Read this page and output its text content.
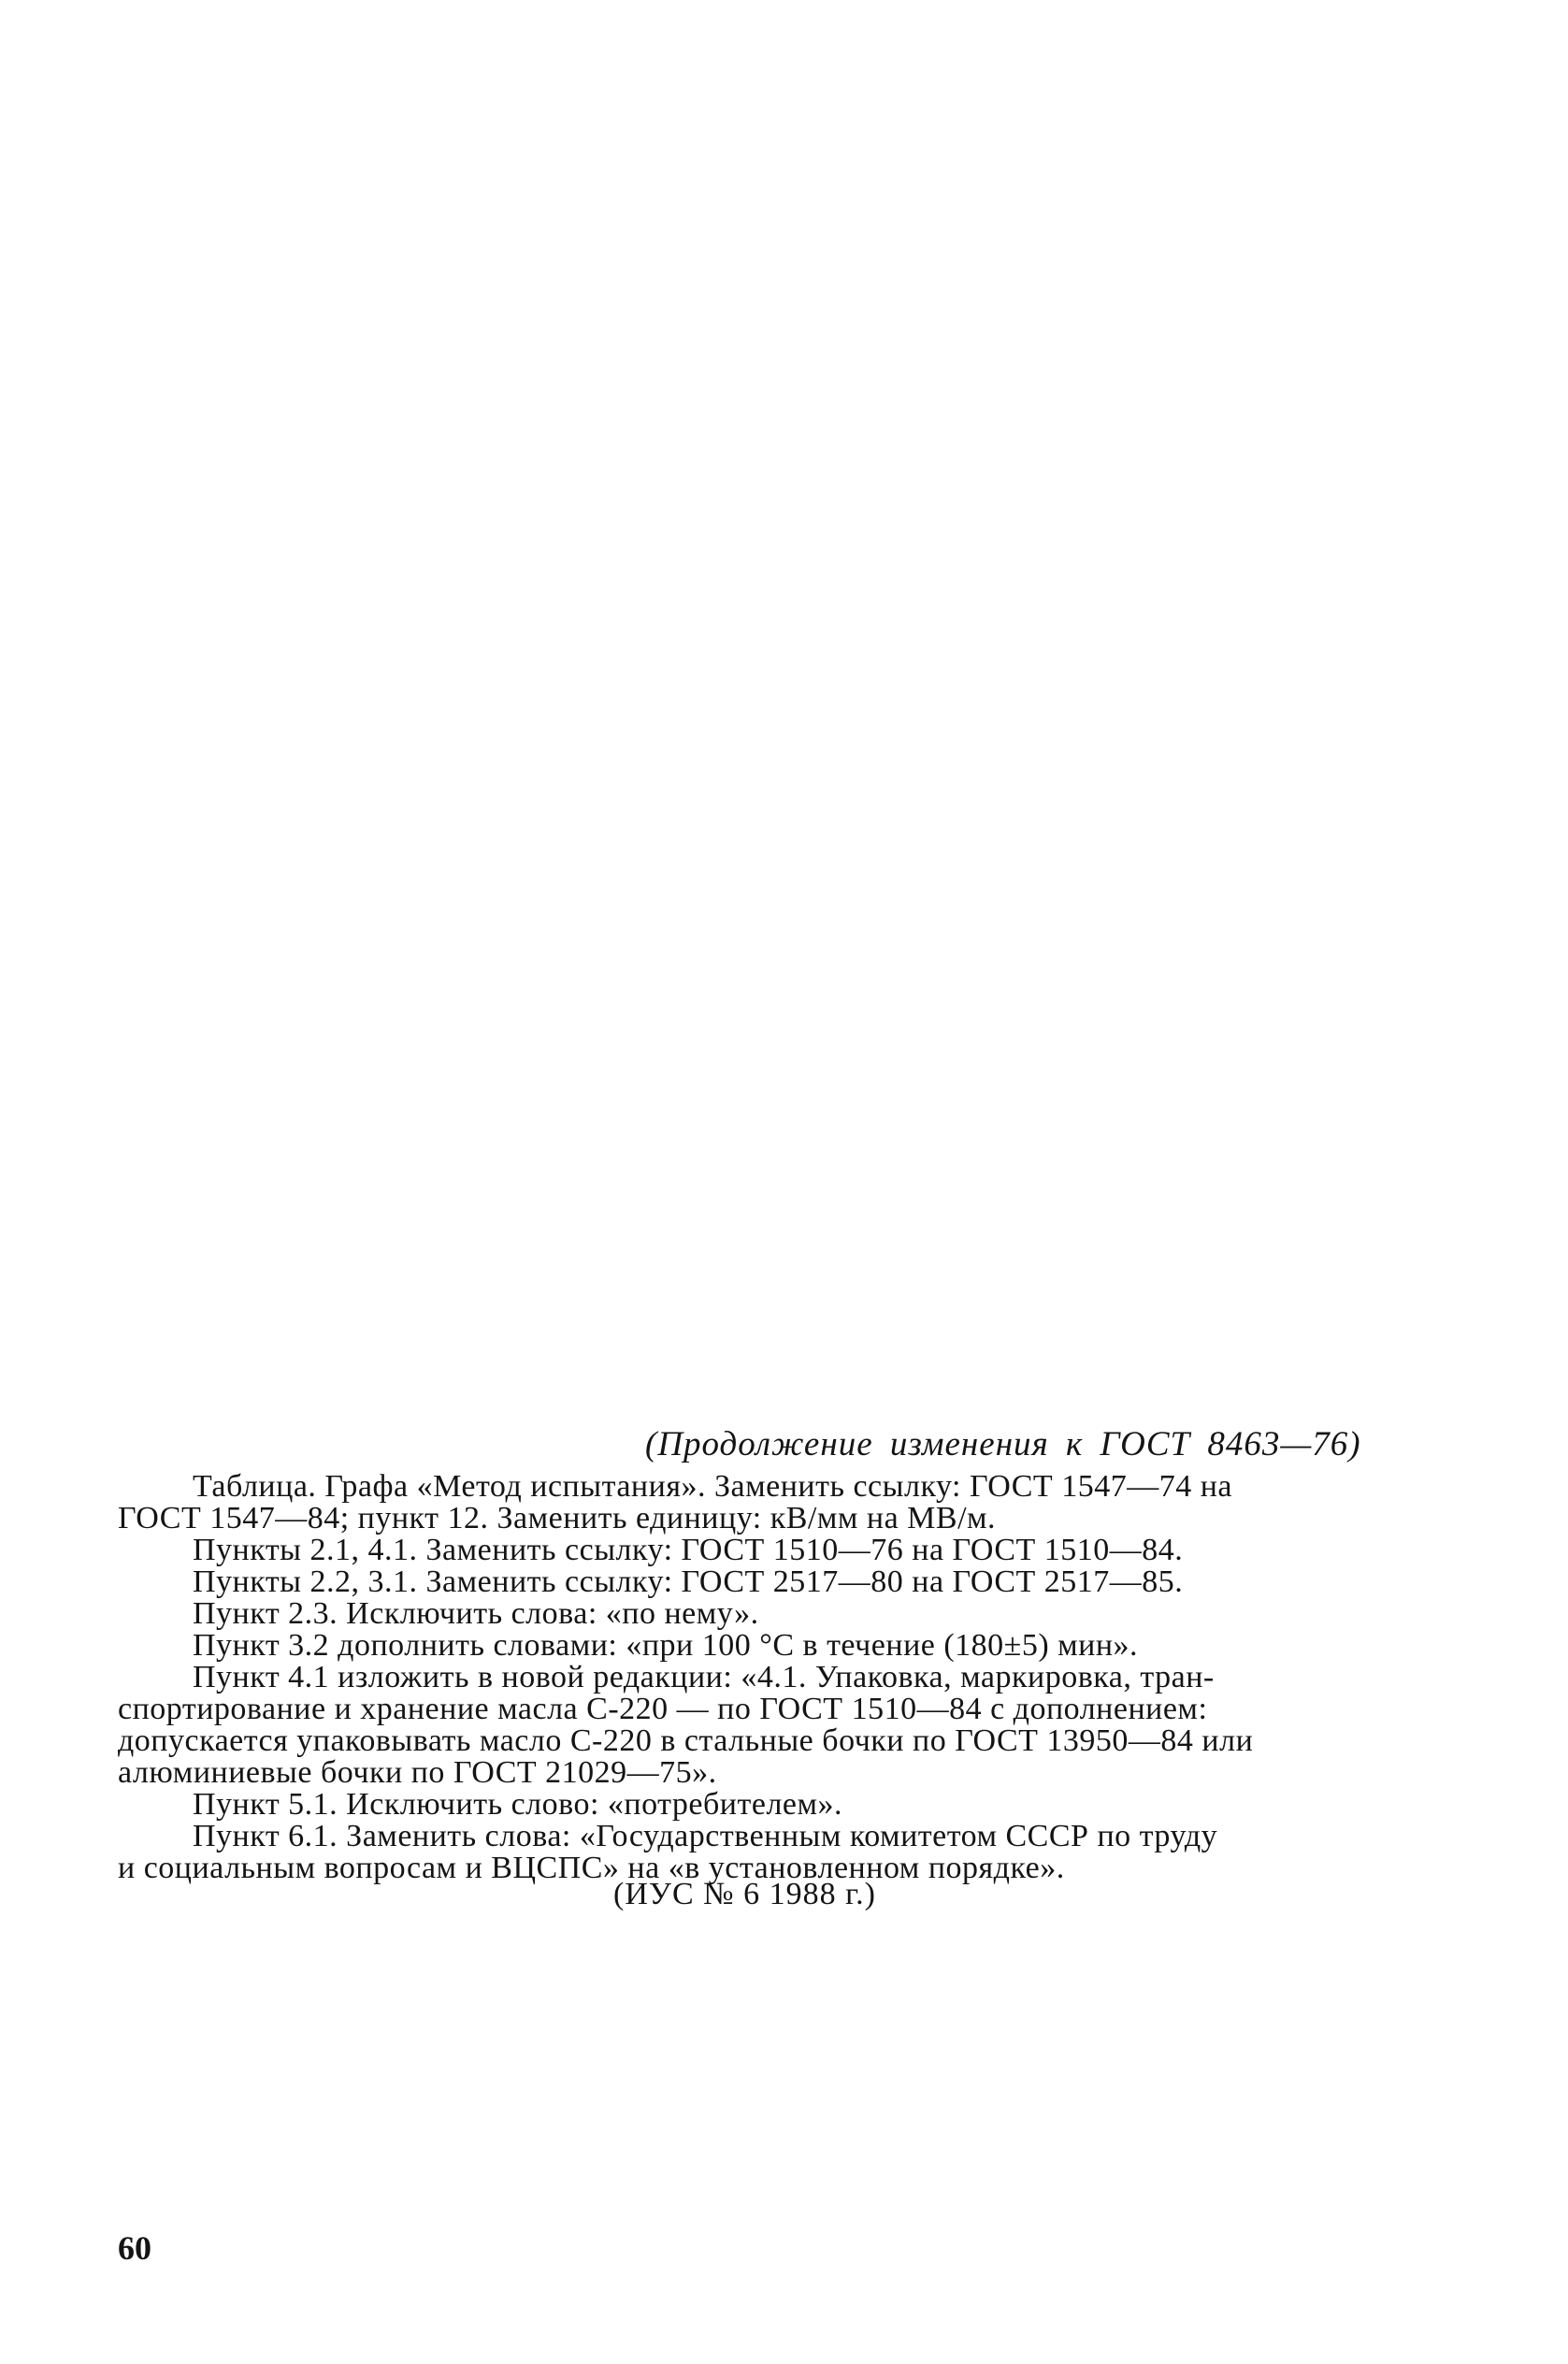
(Продолжение изменения к ГОСТ 8463—76)
Таблица. Графа «Метод испытания». Заменить ссылку: ГОСТ 1547—74 на
ГОСТ 1547—84; пункт 12. Заменить единицу: кВ/мм на МВ/м.
Пункты 2.1, 4.1. Заменить ссылку: ГОСТ 1510—76 на ГОСТ 1510—84.
Пункты 2.2, 3.1. Заменить ссылку: ГОСТ 2517—80 на ГОСТ 2517—85.
Пункт 2.3. Исключить слова: «по нему».
Пункт 3.2 дополнить словами: «при 100 °С в течение (180±5) мин».
Пункт 4.1 изложить в новой редакции: «4.1. Упаковка, маркировка, тран-
спортирование и хранение масла С-220 — по ГОСТ 1510—84 с дополнением:
допускается упаковывать масло С-220 в стальные бочки по ГОСТ 13950—84 или
алюминиевые бочки по ГОСТ 21029—75».
Пункт 5.1. Исключить слово: «потребителем».
Пункт 6.1. Заменить слова: «Государственным комитетом СССР по труду
и социальным вопросам и ВЦСПС» на «в установленном порядке».
(ИУС № 6 1988 г.)
60
